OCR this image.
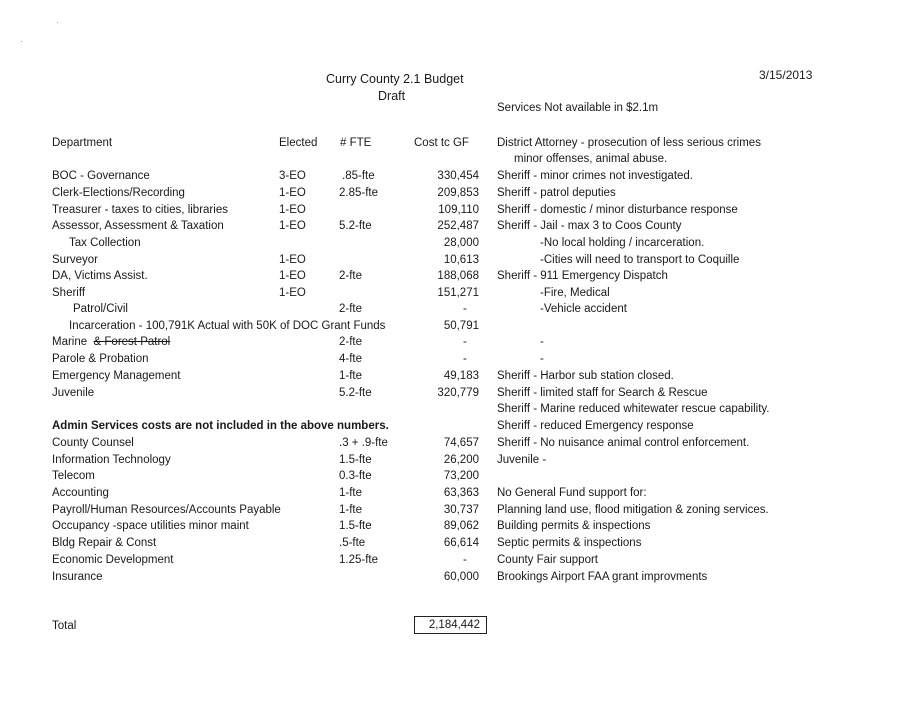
Curry County 2.1 Budget
Draft
3/15/2013
Services Not available in $2.1m
Department	Elected # FTE	Cost tc GF
BOC - Governance	3-EO	.85-fte	330,454
Clerk-Elections/Recording	1-EO	2.85-fte	209,853
Treasurer - taxes to cities, libraries	1-EO	109,110
Assessor, Assessment & Taxation	1-EO	5.2-fte	252,487
Tax Collection	28,000
Surveyor	1-EO	10,613
DA, Victims Assist.	1-EO	2-fte	188,068
Sheriff	1-EO	151,271
Patrol/Civil	2-fte	-
Incarceration - 100,791K Actual with 50K of DOC Grant Funds	50,791
Marine & Forest Patrol	2-fte	-
Parole & Probation	4-fte	-
Emergency Management	1-fte	49,183
Juvenile	5.2-fte	320,779
Admin Services costs are not included in the above numbers.
County Counsel	.3 + .9-fte	74,657
Information Technology	1.5-fte	26,200
Telecom	0.3-fte	73,200
Accounting	1-fte	63,363
Payroll/Human Resources/Accounts Payable	1-fte	30,737
Occupancy -space utilities minor maint	1.5-fte	89,062
Bldg Repair & Const	.5-fte	66,614
Economic Development	1.25-fte	-
Insurance	60,000
Total	2,184,442
District Attorney - prosecution of less serious crimes
minor offenses, animal abuse.
Sheriff - minor crimes not investigated.
Sheriff - patrol deputies
Sheriff - domestic / minor disturbance response
Sheriff - Jail - max 3 to Coos County
-No local holding / incarceration.
-Cities will need to transport to Coquille
Sheriff - 911 Emergency Dispatch
-Fire, Medical
-Vehicle accident
-
-
Sheriff - Harbor sub station closed.
Sheriff - limited staff for Search & Rescue
Sheriff - Marine reduced whitewater rescue capability.
Sheriff - reduced Emergency response
Sheriff - No nuisance animal control enforcement.
Juvenile -
No General Fund support for:
Planning land use, flood mitigation & zoning services.
Building permits & inspections
Septic permits & inspections
County Fair support
Brookings Airport FAA grant improvments
